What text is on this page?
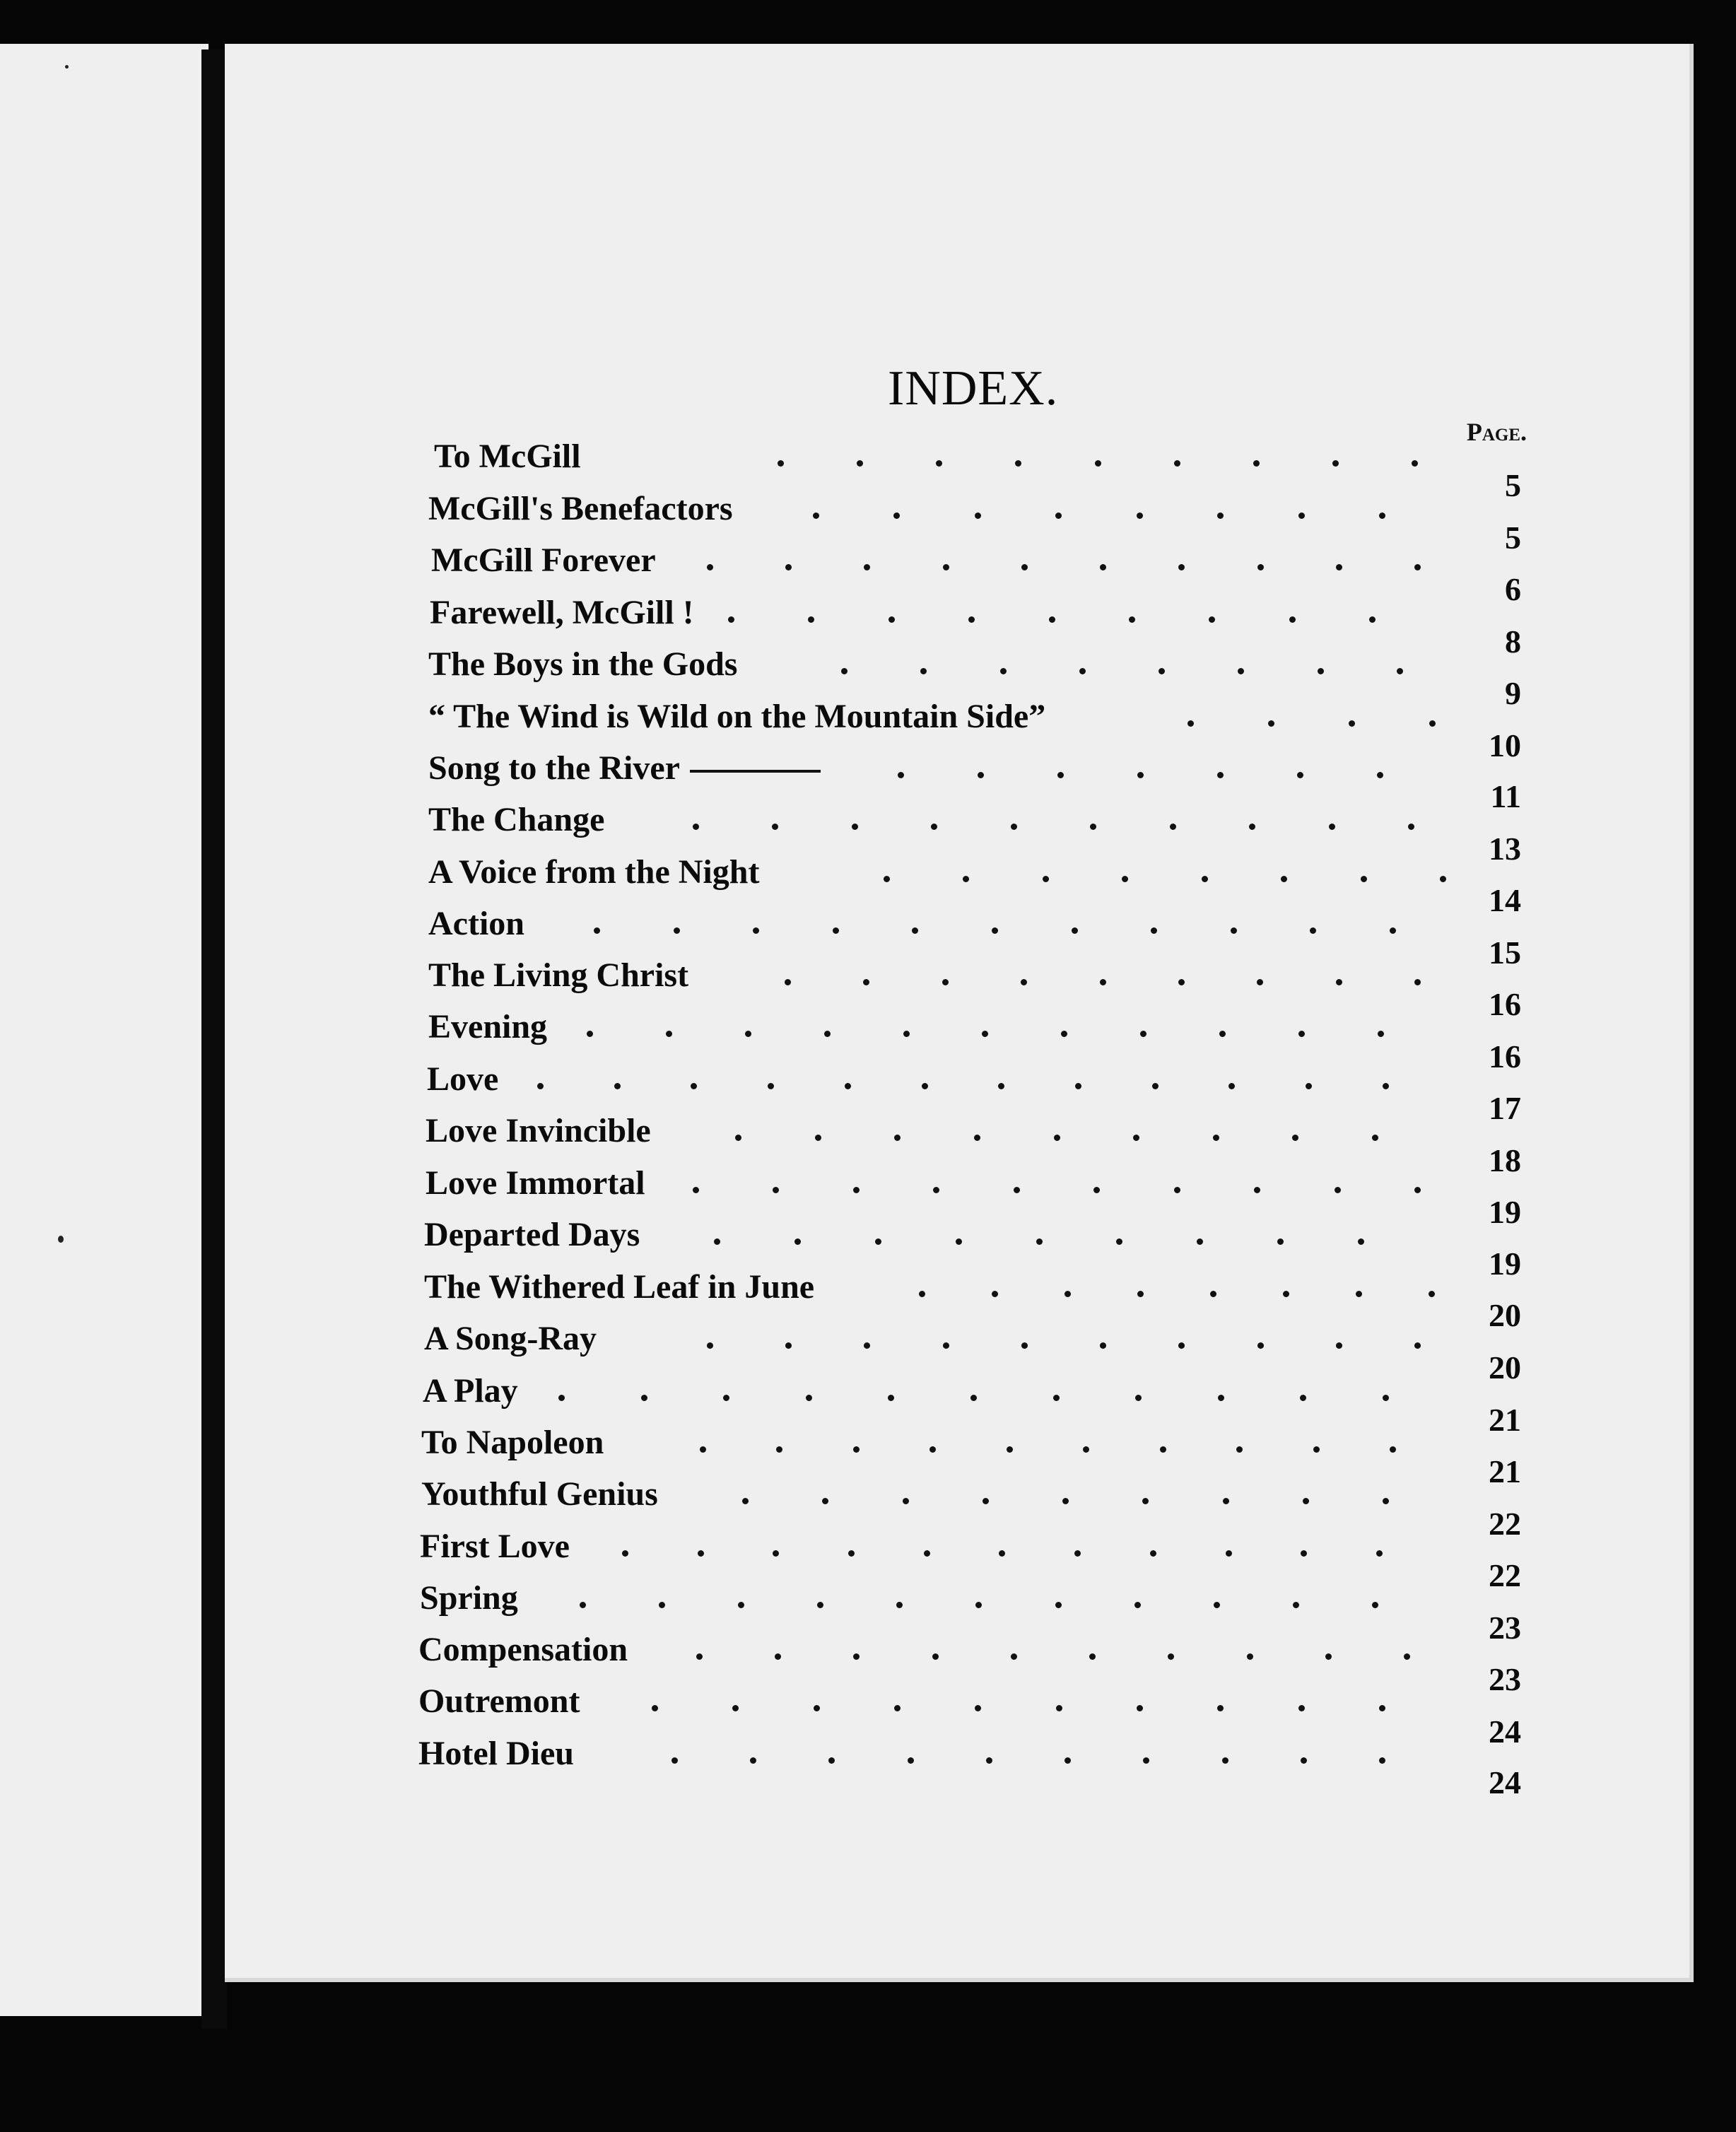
INDEX.
Page.
To McGill
5
McGill's Benefactors
5
McGill Forever
6
Farewell, McGill !
8
The Boys in the Gods
9
“ The Wind is Wild on the Mountain Side”
10
Song to the River
11
The Change
13
A Voice from the Night
14
Action
15
The Living Christ
16
Evening
16
Love
17
Love Invincible
18
Love Immortal
19
Departed Days
19
The Withered Leaf in June
20
A Song-Ray
20
A Play
21
To Napoleon
21
Youthful Genius
22
First Love
22
Spring
23
Compensation
23
Outremont
24
Hotel Dieu
24
